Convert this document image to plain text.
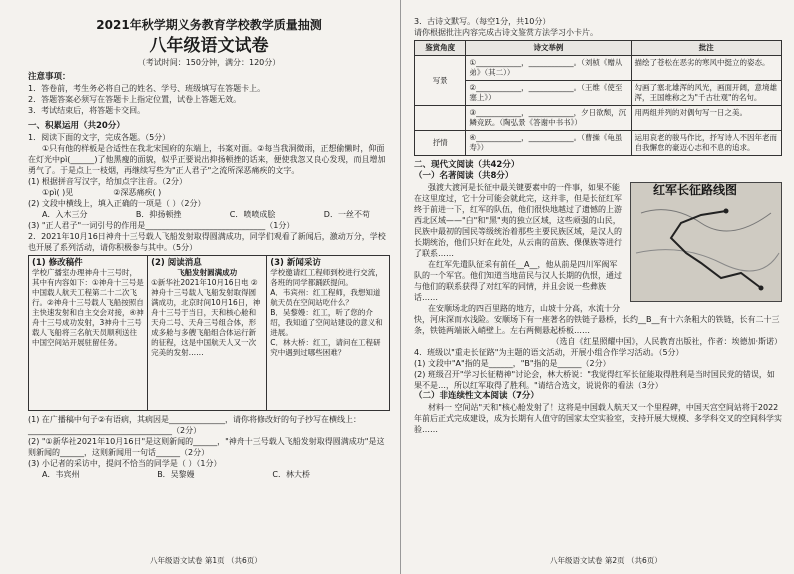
2021年秋学期义务教育学校教学质量抽测
八年级语文试卷
（考试时间：150分钟，满分：120分）
注意事项：

1．答卷前，考生务必将自己的姓名、学号、班级填写在答题卡上。

2．答题答案必须写在答题卡上指定位置，试卷上答题无效。

3．考试结束后，将答题卡交回。

一、积累运用（共20分）

1．阅读下面的文字，完成各题。（5分）

①只有他的样板是合适性在我北宋国府的东端上，书案对面。②每当我洞微雨，正想偷懒时，仰面在灯光中pì(______)了他黑瘦的面貌，似乎正要说出抑扬顿挫的话来，便使我忽又良心发现，而且增加勇气了。于是点上一枝烟，再继续写些为"正人君子"之流所深恶痛疾的文字。

(1) 根据拼音写汉字，给加点字注音。（2分）
①pì( )见	②深恶痛疾( )

(2) 文段中横线上，填入正确的一项是（ ）（2分）

A．入木三分	B．抑扬顿挫	C．喷喷成脍	D．一丝不苟

(3) "正人君子"一词引号的作用是______________________________（1分）

2．2021年10月16日神舟十三号载人飞船发射取得圆满成功，同学们观看了新闻后，激动万分，学校也开展了系列活动，请你积极参与其中。（5分）

(1) 修改稿件
学校广播室办理神舟十三号时，其中有内容如下：①神舟十三号是中国载人航天工程第二十二次飞行。②神舟十三号载人飞船按照自主快速发射和自主交会对接，④神舟十三号成功发射，3神舟十三号载人飞船将三名航天员顺利送往中国空间站开展驻留任务。

(2) 阅读消息
飞船发射圆满成功
①新华社2021年10月16日电 ②神舟十三号载人飞船发射取得圆满成功，北京时间10月16日，神舟十三号于当日，天和核心舱和天舟二号、天舟三号组合体，形成多舱与多艘飞船组合体运行新的征程，这是中国航天人又一次完美的发射……

(3) 新闻采访
学校邀请红工程师到校进行交流，各班的同学都踊跃提问。
A．韦宾州：红工程师，我想知道航天员在空间站吃什么？
B．吴黎嫚：红工，听了您的介绍，我知道了空间站建设的意义和进展。
C．林大桥：红工，请问在工程研究中遇到过哪些困难？

(1) 在广播稿中句子②有语病，其病因是______________，请你将修改好的句子抄写在横线上：____________________________________（2分）

(2) "①新华社2021年10月16日"是这则新闻的______，"神舟十三号载人飞船发射取得圆满成功"是这则新闻的______，这则新闻用一句话______（2分）

(3) 小记者的采访中，提问不恰当的同学是（ ）（1分）

A．韦宾州	B．吴黎嫚	C．林大桥
八年级语文试卷 第1页 （共6页）

3．古诗文默写。（每空1分，共10分）

请你根据批注内容完成古诗文鉴赏方法学习小卡片。

鉴赏角度	诗文举例	批注
写景	①____________，____________。（刘桢《赠从弟》（其二））	描绘了苍松在恶劣的寒风中挺立的姿态。

	②____________，____________。（王维《使至塞上》）	勾画了塞北雄浑的风光，画面开阔，意境雄浑，王国维称之为"千古壮观"的名句。

	③____________，____________，夕日欲颓，沉鳞竞跃。（陶弘景《答谢中书书》）	用两组并列的对偶句写一日之美。

抒情	④____________，____________。（曹操《龟虽寿》）	运用哀老的骏马作比，抒写诗人不因年老而自我懈怠的豪迈心志和不息的追求。
二、现代文阅读（共42分）
（一）名著阅读（共8分）
红军长征路线图

强渡大渡河是长征中最关键要素中的一件事，如果不能在这里度过，它十分可能会就此完，这并非，但是长征红军终于前进一下，红军的队伍，他们很快地越过了遗憾的上游西北区域——"白"和"黑"夷的独立区域，这些顽强的山民，民族中最初的国民等级统治着那些主要民族区域，是汉人的长期统治，他们只好在此处，从云南的苗族、倮倮族等进行了联系……

在红军先遣队征采有前任__A__，他从前是四川军阀军队的一个军官。他们知道当地苗民与汉人长期的仇恨，通过与他们的联系获得了对红军的同情，并且会说一些彝族话……

在安顺场北的四百里路的地方，山坡十分高，水流十分快，河床深而水浅险。安顺场下有一座著名的铁链子悬桥，长约__B__有十六条粗大的铁链，长有二十三条，铁链两端嵌入峭壁上。左右两侧悬起桥板……

（选自《红星照耀中国》，人民教育出版社，作者：埃德加·斯诺）

4．班级以"重走长征路"为主题的语文活动，开展小组合作学习活动。（5分）

(1) 文段中"A"指的是______，"B"指的是______（2分）

(2) 班级召开"学习长征精神"讨论会，林大桥说："我觉得红军长征能取得胜利是当时国民党的错误，如果不是…，所以红军取得了胜利。"请结合选文，说说你的看法（3分）

（二）非连续性文本阅读（7分）

材料一 空间站"天和"核心舱发射了！这将是中国载人航天又一个里程碑，中国天宫空间站将于2022年前后正式完成建设，成为长期有人值守的国家太空实验室，支持开展大规模、多学科交叉的空间科学实验……

八年级语文试卷 第2页 （共6页）
